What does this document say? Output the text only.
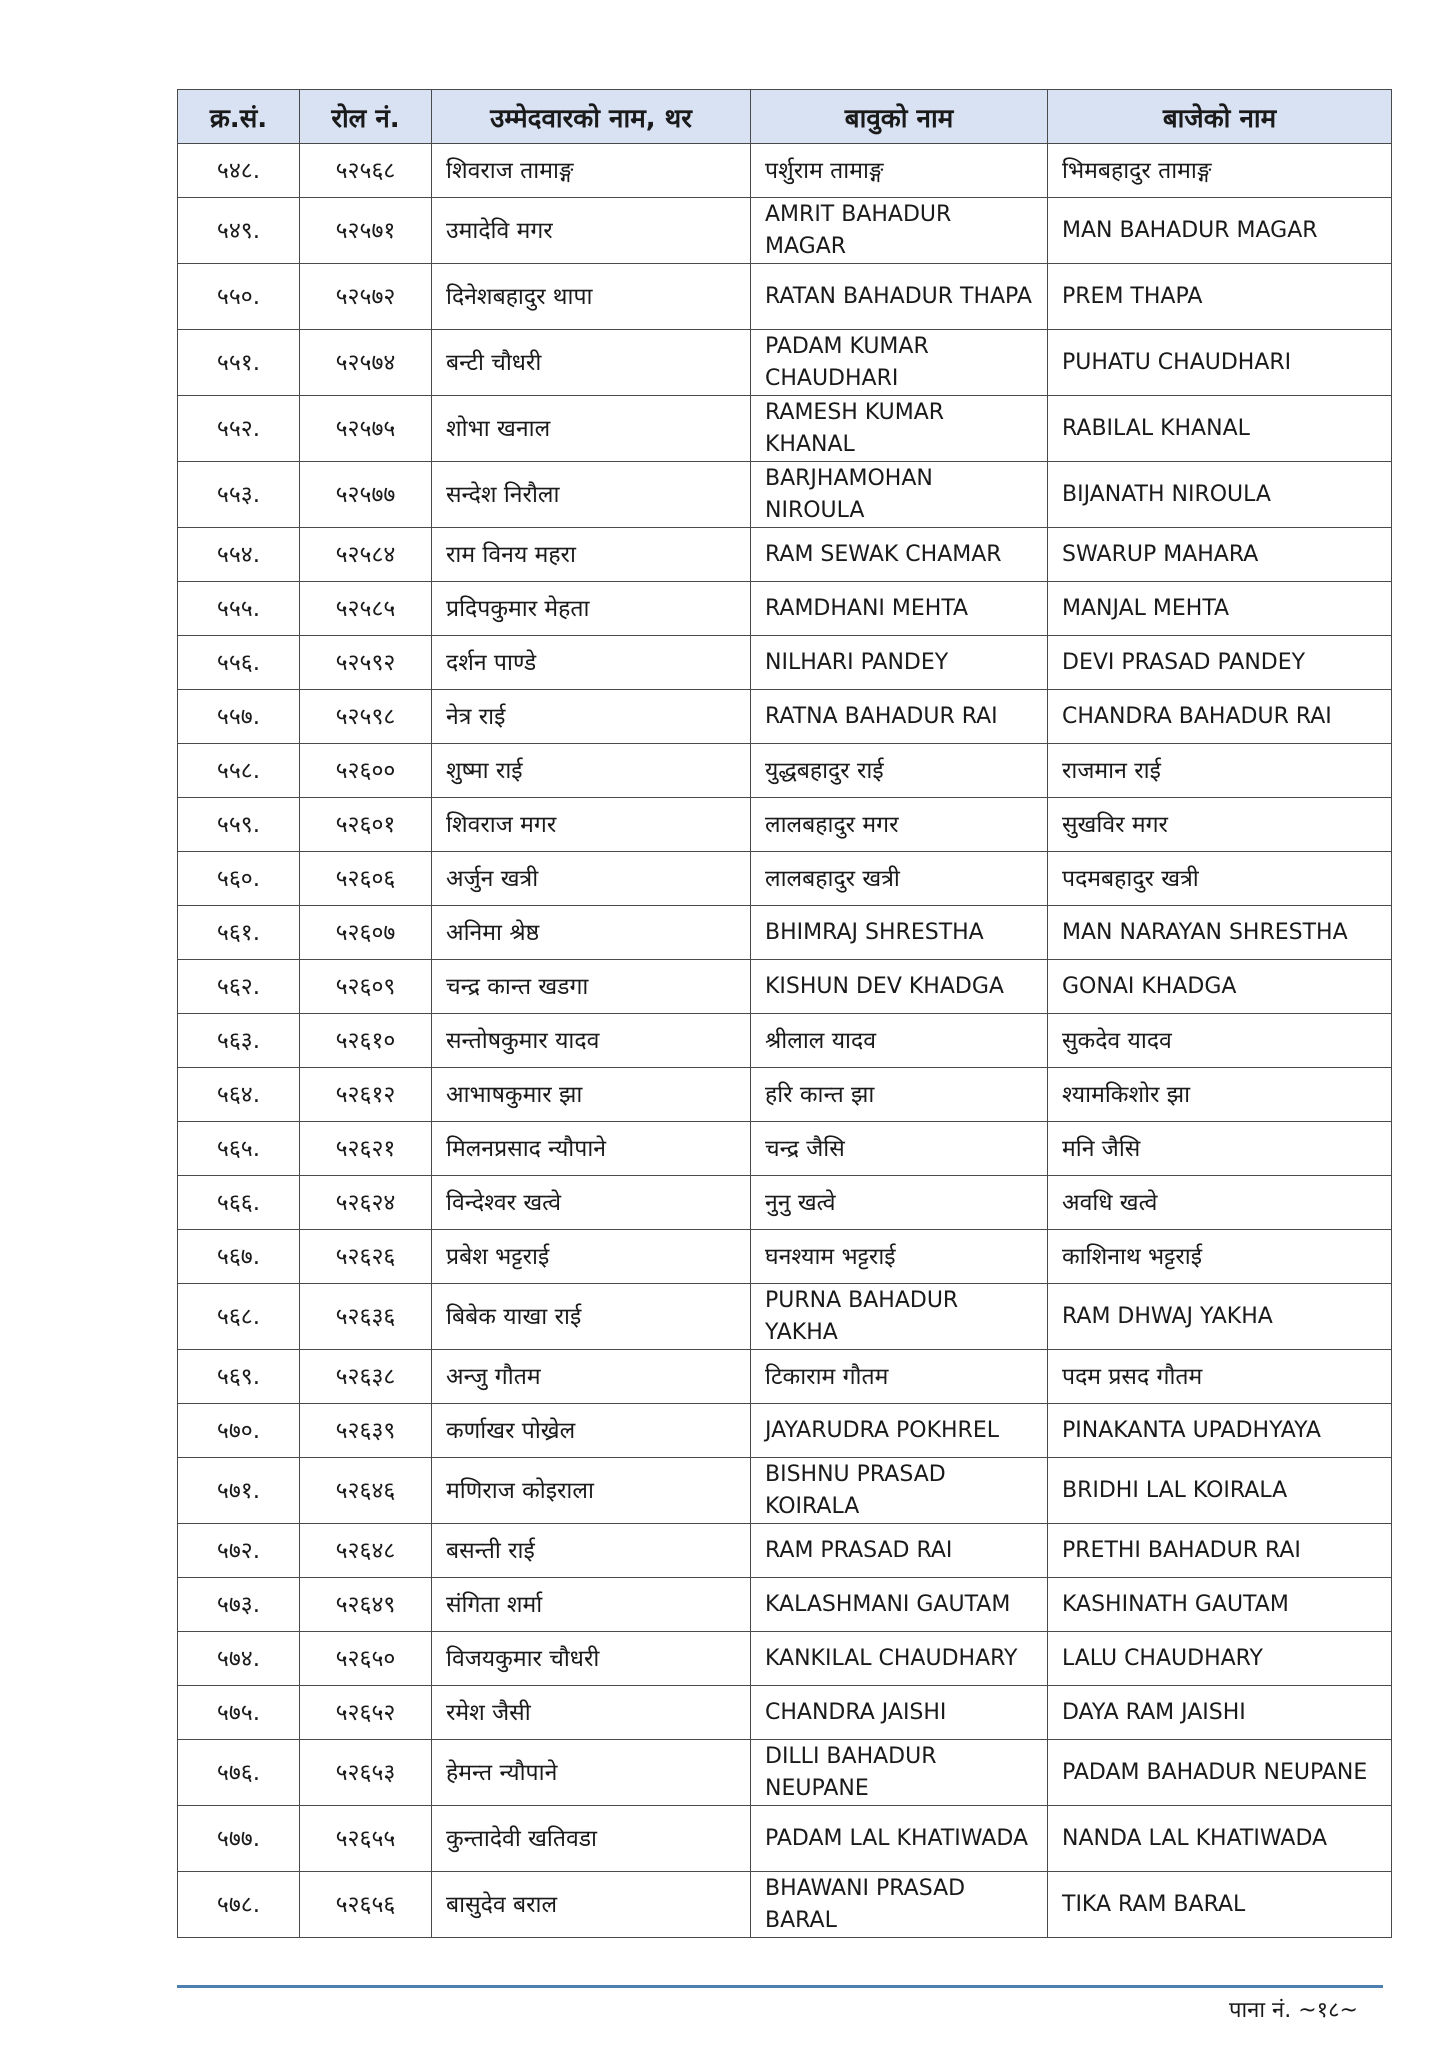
क्र.सं.	रोल नं.	उम्मेदवारको नाम, थर	बावुको नाम	बाजेको नाम
५४८.	५२५६८	शिवराज तामाङ्ग	पर्शुराम तामाङ्ग	भिमबहादुर तामाङ्ग
५४९.	५२५७१	उमादेवि मगर	AMRIT BAHADUR MAGAR	MAN BAHADUR MAGAR
५५०.	५२५७२	दिनेशबहादुर थापा	RATAN BAHADUR THAPA	PREM THAPA
५५१.	५२५७४	बन्टी चौधरी	PADAM KUMAR CHAUDHARI	PUHATU CHAUDHARI
५५२.	५२५७५	शोभा खनाल	RAMESH KUMAR KHANAL	RABILAL KHANAL
५५३.	५२५७७	सन्देश निरौला	BARJHAMOHAN NIROULA	BIJANATH NIROULA
५५४.	५२५८४	राम विनय महरा	RAM SEWAK CHAMAR	SWARUP MAHARA
५५५.	५२५८५	प्रदिपकुमार मेहता	RAMDHANI MEHTA	MANJAL MEHTA
५५६.	५२५९२	दर्शन पाण्डे	NILHARI PANDEY	DEVI PRASAD PANDEY
५५७.	५२५९८	नेत्र राई	RATNA BAHADUR RAI	CHANDRA BAHADUR RAI
५५८.	५२६००	शुष्मा राई	युद्धबहादुर राई	राजमान राई
५५९.	५२६०१	शिवराज मगर	लालबहादुर मगर	सुखविर मगर
५६०.	५२६०६	अर्जुन खत्री	लालबहादुर खत्री	पदमबहादुर खत्री
५६१.	५२६०७	अनिमा श्रेष्ठ	BHIMRAJ SHRESTHA	MAN NARAYAN SHRESTHA
५६२.	५२६०९	चन्द्र कान्त खडगा	KISHUN DEV KHADGA	GONAI KHADGA
५६३.	५२६१०	सन्तोषकुमार यादव	श्रीलाल यादव	सुकदेव यादव
५६४.	५२६१२	आभाषकुमार झा	हरि कान्त झा	श्यामकिशोर झा
५६५.	५२६२१	मिलनप्रसाद न्यौपाने	चन्द्र जैसि	मनि जैसि
५६६.	५२६२४	विन्देश्वर खत्वे	नुनु खत्वे	अवधि खत्वे
५६७.	५२६२६	प्रबेश भट्टराई	घनश्याम भट्टराई	काशिनाथ भट्टराई
५६८.	५२६३६	बिबेक याखा राई	PURNA BAHADUR YAKHA	RAM DHWAJ YAKHA
५६९.	५२६३८	अन्जु गौतम	टिकाराम गौतम	पदम प्रसद गौतम
५७०.	५२६३९	कर्णाखर पोख्रेल	JAYARUDRA POKHREL	PINAKANTA UPADHYAYA
५७१.	५२६४६	मणिराज कोइराला	BISHNU PRASAD KOIRALA	BRIDHI LAL KOIRALA
५७२.	५२६४८	बसन्ती राई	RAM PRASAD RAI	PRETHI BAHADUR RAI
५७३.	५२६४९	संगिता शर्मा	KALASHMANI GAUTAM	KASHINATH GAUTAM
५७४.	५२६५०	विजयकुमार चौधरी	KANKILAL CHAUDHARY	LALU CHAUDHARY
५७५.	५२६५२	रमेश जैसी	CHANDRA JAISHI	DAYA RAM JAISHI
५७६.	५२६५३	हेमन्त न्यौपाने	DILLI BAHADUR NEUPANE	PADAM BAHADUR NEUPANE
५७७.	५२६५५	कुन्तादेवी खतिवडा	PADAM LAL KHATIWADA	NANDA LAL KHATIWADA
५७८.	५२६५६	बासुदेव बराल	BHAWANI PRASAD BARAL	TIKA RAM BARAL
पाना नं. ~१८~
